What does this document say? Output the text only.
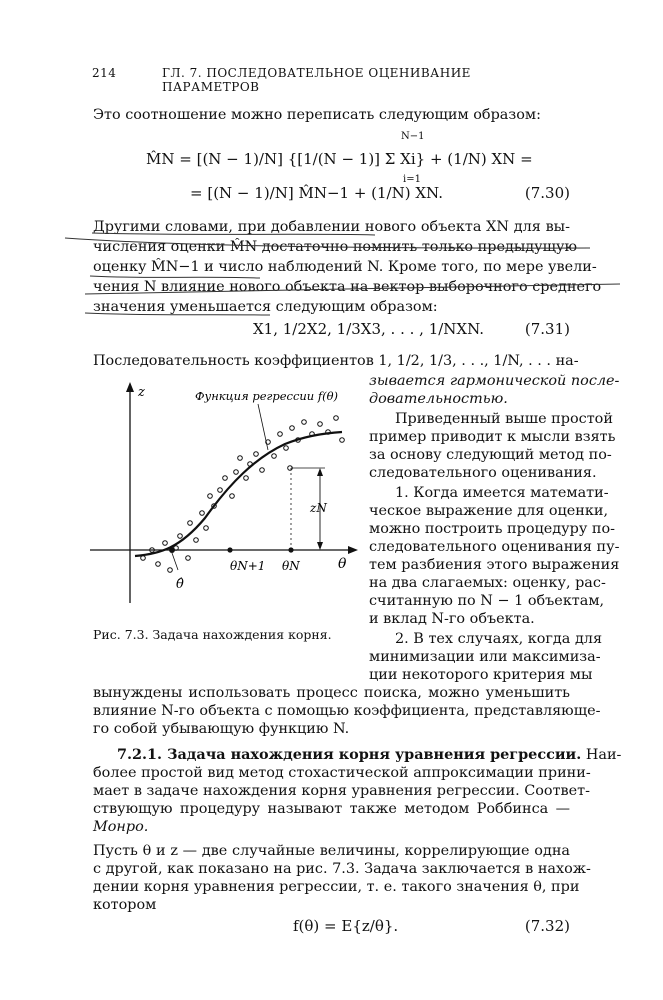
214	ГЛ. 7. ПОСЛЕДОВАТЕЛЬНОЕ ОЦЕНИВАНИЕ ПАРАМЕТРОВ
Это соотношение можно переписать следующим образом:
M̂N = [(N − 1)/N] {[1/(N − 1)] Σ Xi} + (1/N) XN =
N−1
i=1
= [(N − 1)/N] M̂N−1 + (1/N) XN.	(7.30)
Другими словами, при добавлении нового объекта XN для вы-
числения оценки M̂N достаточно помнить только предыдущую
оценку M̂N−1 и число наблюдений N. Кроме того, по мере увели-
чения N влияние нового объекта на вектор выборочного среднего
значения уменьшается следующим образом:
X1, 1/2X2, 1/3X3, . . . , 1/NXN.	(7.31)
Последовательность коэффициентов 1, 1/2, 1/3, . . ., 1/N, . . . на-
зывается гармонической после-
довательностью.
Приведенный выше простой
пример приводит к мысли взять
за основу следующий метод по-
следовательного оценивания.
1. Когда имеется математи-
ческое выражение для оценки,
можно построить процедуру по-
следовательного оценивания пу-
тем разбиения этого выражения
на два слагаемых: оценку, рас-
считанную по N − 1 объектам,
и вклад N-го объекта.
2. В тех случаях, когда для
минимизации или максимиза-
ции некоторого критерия мы
z
θ
Функция регрессии f(θ)
θ̂
θN+1 θN
zN
Рис. 7.3. Задача нахождения корня.
вынуждены использовать процесс поиска, можно уменьшить
влияние N-го объекта с помощью коэффициента, представляюще-
го собой убывающую функцию N.
7.2.1. Задача нахождения корня уравнения регрессии. Наи-
более простой вид метод стохастической аппроксимации прини-
мает в задаче нахождения корня уравнения регрессии. Соответ-
ствующую процедуру называют также методом Роббинса —
Монро.
Пусть θ и z — две случайные величины, коррелирующие одна
с другой, как показано на рис. 7.3. Задача заключается в нахож-
дении корня уравнения регрессии, т. е. такого значения θ, при
котором
f(θ) = E{z/θ}.	(7.32)
